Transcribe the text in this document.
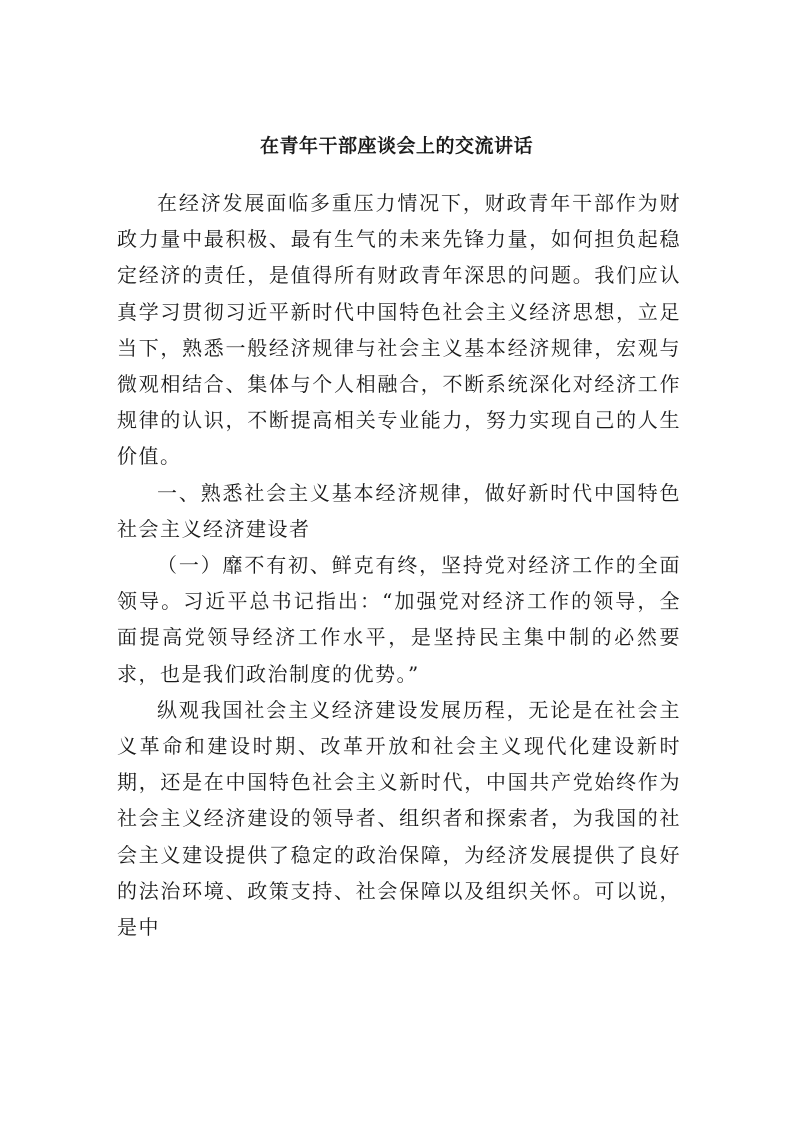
在青年干部座谈会上的交流讲话

在经济发展面临多重压力情况下，财政青年干部作为财政力量中最积极、最有生气的未来先锋力量，如何担负起稳定经济的责任，是值得所有财政青年深思的问题。我们应认真学习贯彻习近平新时代中国特色社会主义经济思想，立足当下，熟悉一般经济规律与社会主义基本经济规律，宏观与微观相结合、集体与个人相融合，不断系统深化对经济工作规律的认识，不断提高相关专业能力，努力实现自己的人生价值。

一、熟悉社会主义基本经济规律，做好新时代中国特色社会主义经济建设者

（一）靡不有初、鲜克有终，坚持党对经济工作的全面领导。习近平总书记指出：“加强党对经济工作的领导，全面提高党领导经济工作水平，是坚持民主集中制的必然要求，也是我们政治制度的优势。”

纵观我国社会主义经济建设发展历程，无论是在社会主义革命和建设时期、改革开放和社会主义现代化建设新时期，还是在中国特色社会主义新时代，中国共产党始终作为社会主义经济建设的领导者、组织者和探索者，为我国的社会主义建设提供了稳定的政治保障，为经济发展提供了良好的法治环境、政策支持、社会保障以及组织关怀。可以说，是中
